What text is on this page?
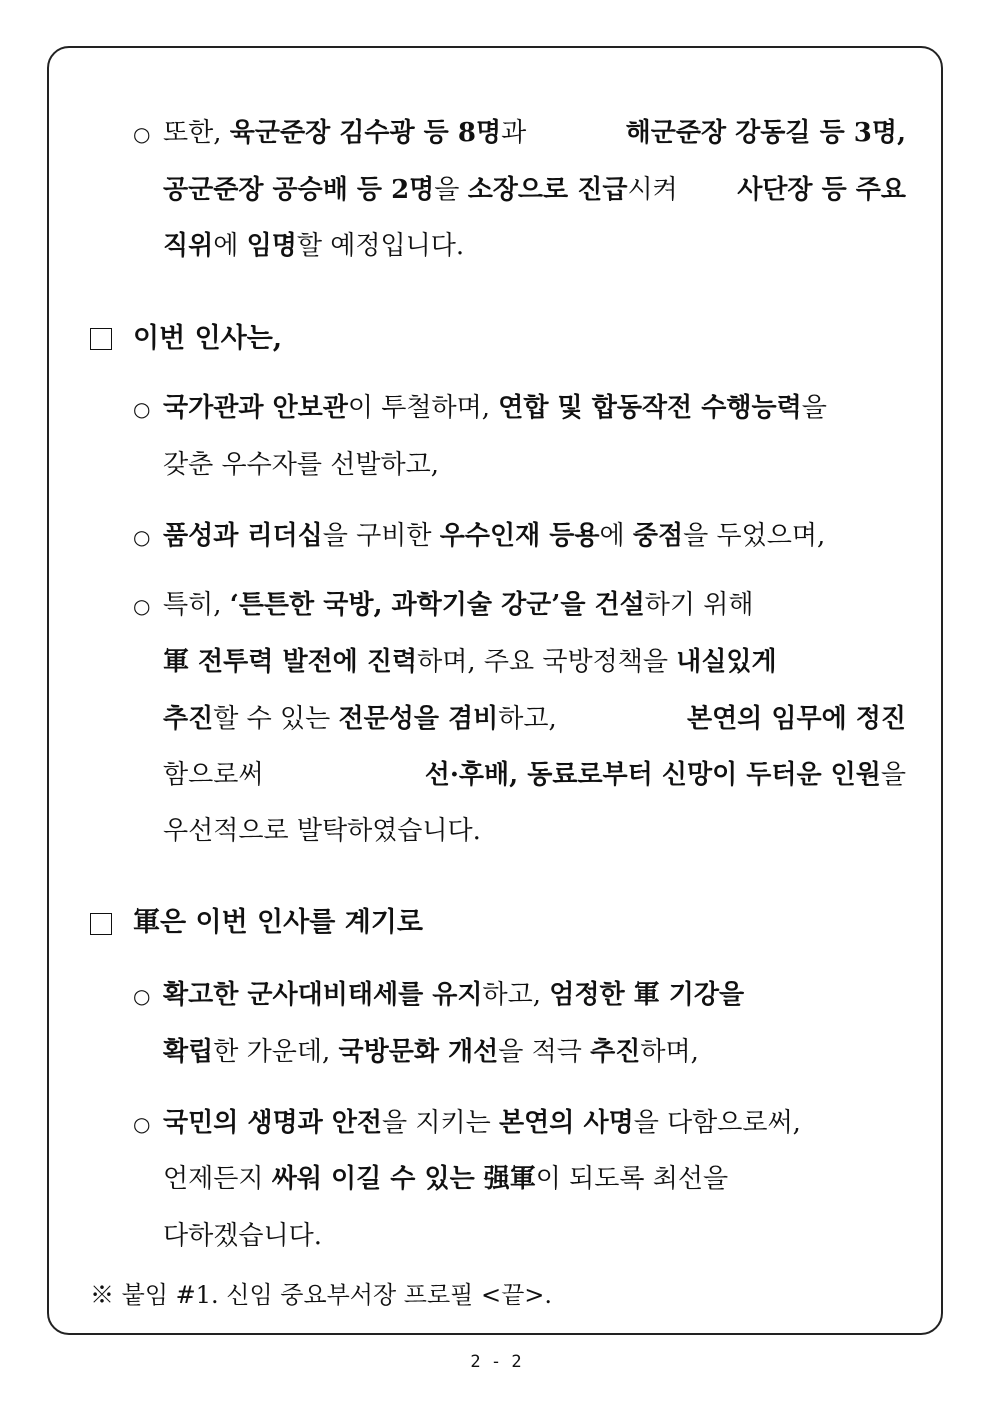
○ 또한, 육군준장 김수광 등 8명과	해군준장 강동길 등 3명,
공군준장 공승배 등 2명을 소장으로 진급시켜 사단장 등 주요
직위에 임명할 예정입니다.
이번 인사는,
○ 국가관과 안보관이 투철하며, 연합 및 합동작전 수행능력을
갖춘 우수자를 선발하고,
○ 품성과 리더십을 구비한 우수인재 등용에 중점을 두었으며,
○ 특히, ‘튼튼한 국방, 과학기술 강군’을 건설하기 위해
軍 전투력 발전에 진력하며, 주요 국방정책을 내실있게
추진할 수 있는 전문성을 겸비하고,	본연의 임무에 정진
함으로써	선·후배, 동료로부터 신망이 두터운 인원을
우선적으로 발탁하였습니다.
軍은 이번 인사를 계기로
○ 확고한 군사대비태세를 유지하고, 엄정한 軍 기강을
확립한 가운데, 국방문화 개선을 적극 추진하며,
○ 국민의 생명과 안전을 지키는 본연의 사명을 다함으로써,
언제든지 싸워 이길 수 있는 强軍이 되도록 최선을
다하겠습니다.
※ 붙임 #1. 신임 중요부서장 프로필 <끝>.
2 - 2
